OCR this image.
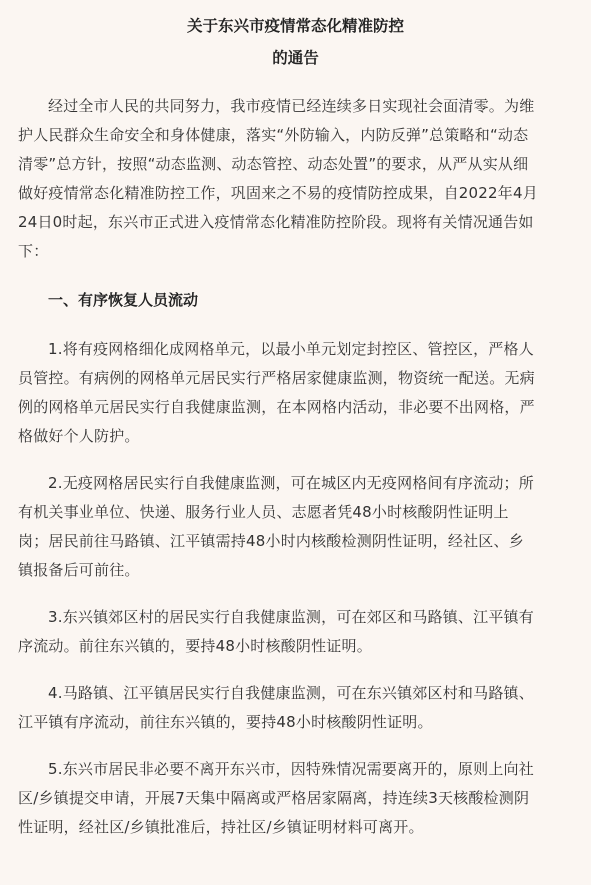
关于东兴市疫情常态化精准防控
的通告

经过全市人民的共同努力，我市疫情已经连续多日实现社会面清零。为维
护人民群众生命安全和身体健康，落实“外防输入，内防反弹”总策略和“动态
清零”总方针，按照“动态监测、动态管控、动态处置”的要求，从严从实从细
做好疫情常态化精准防控工作，巩固来之不易的疫情防控成果，自2022年4月
24日0时起，东兴市正式进入疫情常态化精准防控阶段。现将有关情况通告如
下：

一、有序恢复人员流动

1.将有疫网格细化成网格单元，以最小单元划定封控区、管控区，严格人
员管控。有病例的网格单元居民实行严格居家健康监测，物资统一配送。无病
例的网格单元居民实行自我健康监测，在本网格内活动，非必要不出网格，严
格做好个人防护。

2.无疫网格居民实行自我健康监测，可在城区内无疫网格间有序流动；所
有机关事业单位、快递、服务行业人员、志愿者凭48小时核酸阴性证明上
岗；居民前往马路镇、江平镇需持48小时内核酸检测阴性证明，经社区、乡
镇报备后可前往。

3.东兴镇郊区村的居民实行自我健康监测，可在郊区和马路镇、江平镇有
序流动。前往东兴镇的，要持48小时核酸阴性证明。

4.马路镇、江平镇居民实行自我健康监测，可在东兴镇郊区村和马路镇、
江平镇有序流动，前往东兴镇的，要持48小时核酸阴性证明。

5.东兴市居民非必要不离开东兴市，因特殊情况需要离开的，原则上向社
区/乡镇提交申请，开展7天集中隔离或严格居家隔离，持连续3天核酸检测阴
性证明，经社区/乡镇批准后，持社区/乡镇证明材料可离开。
